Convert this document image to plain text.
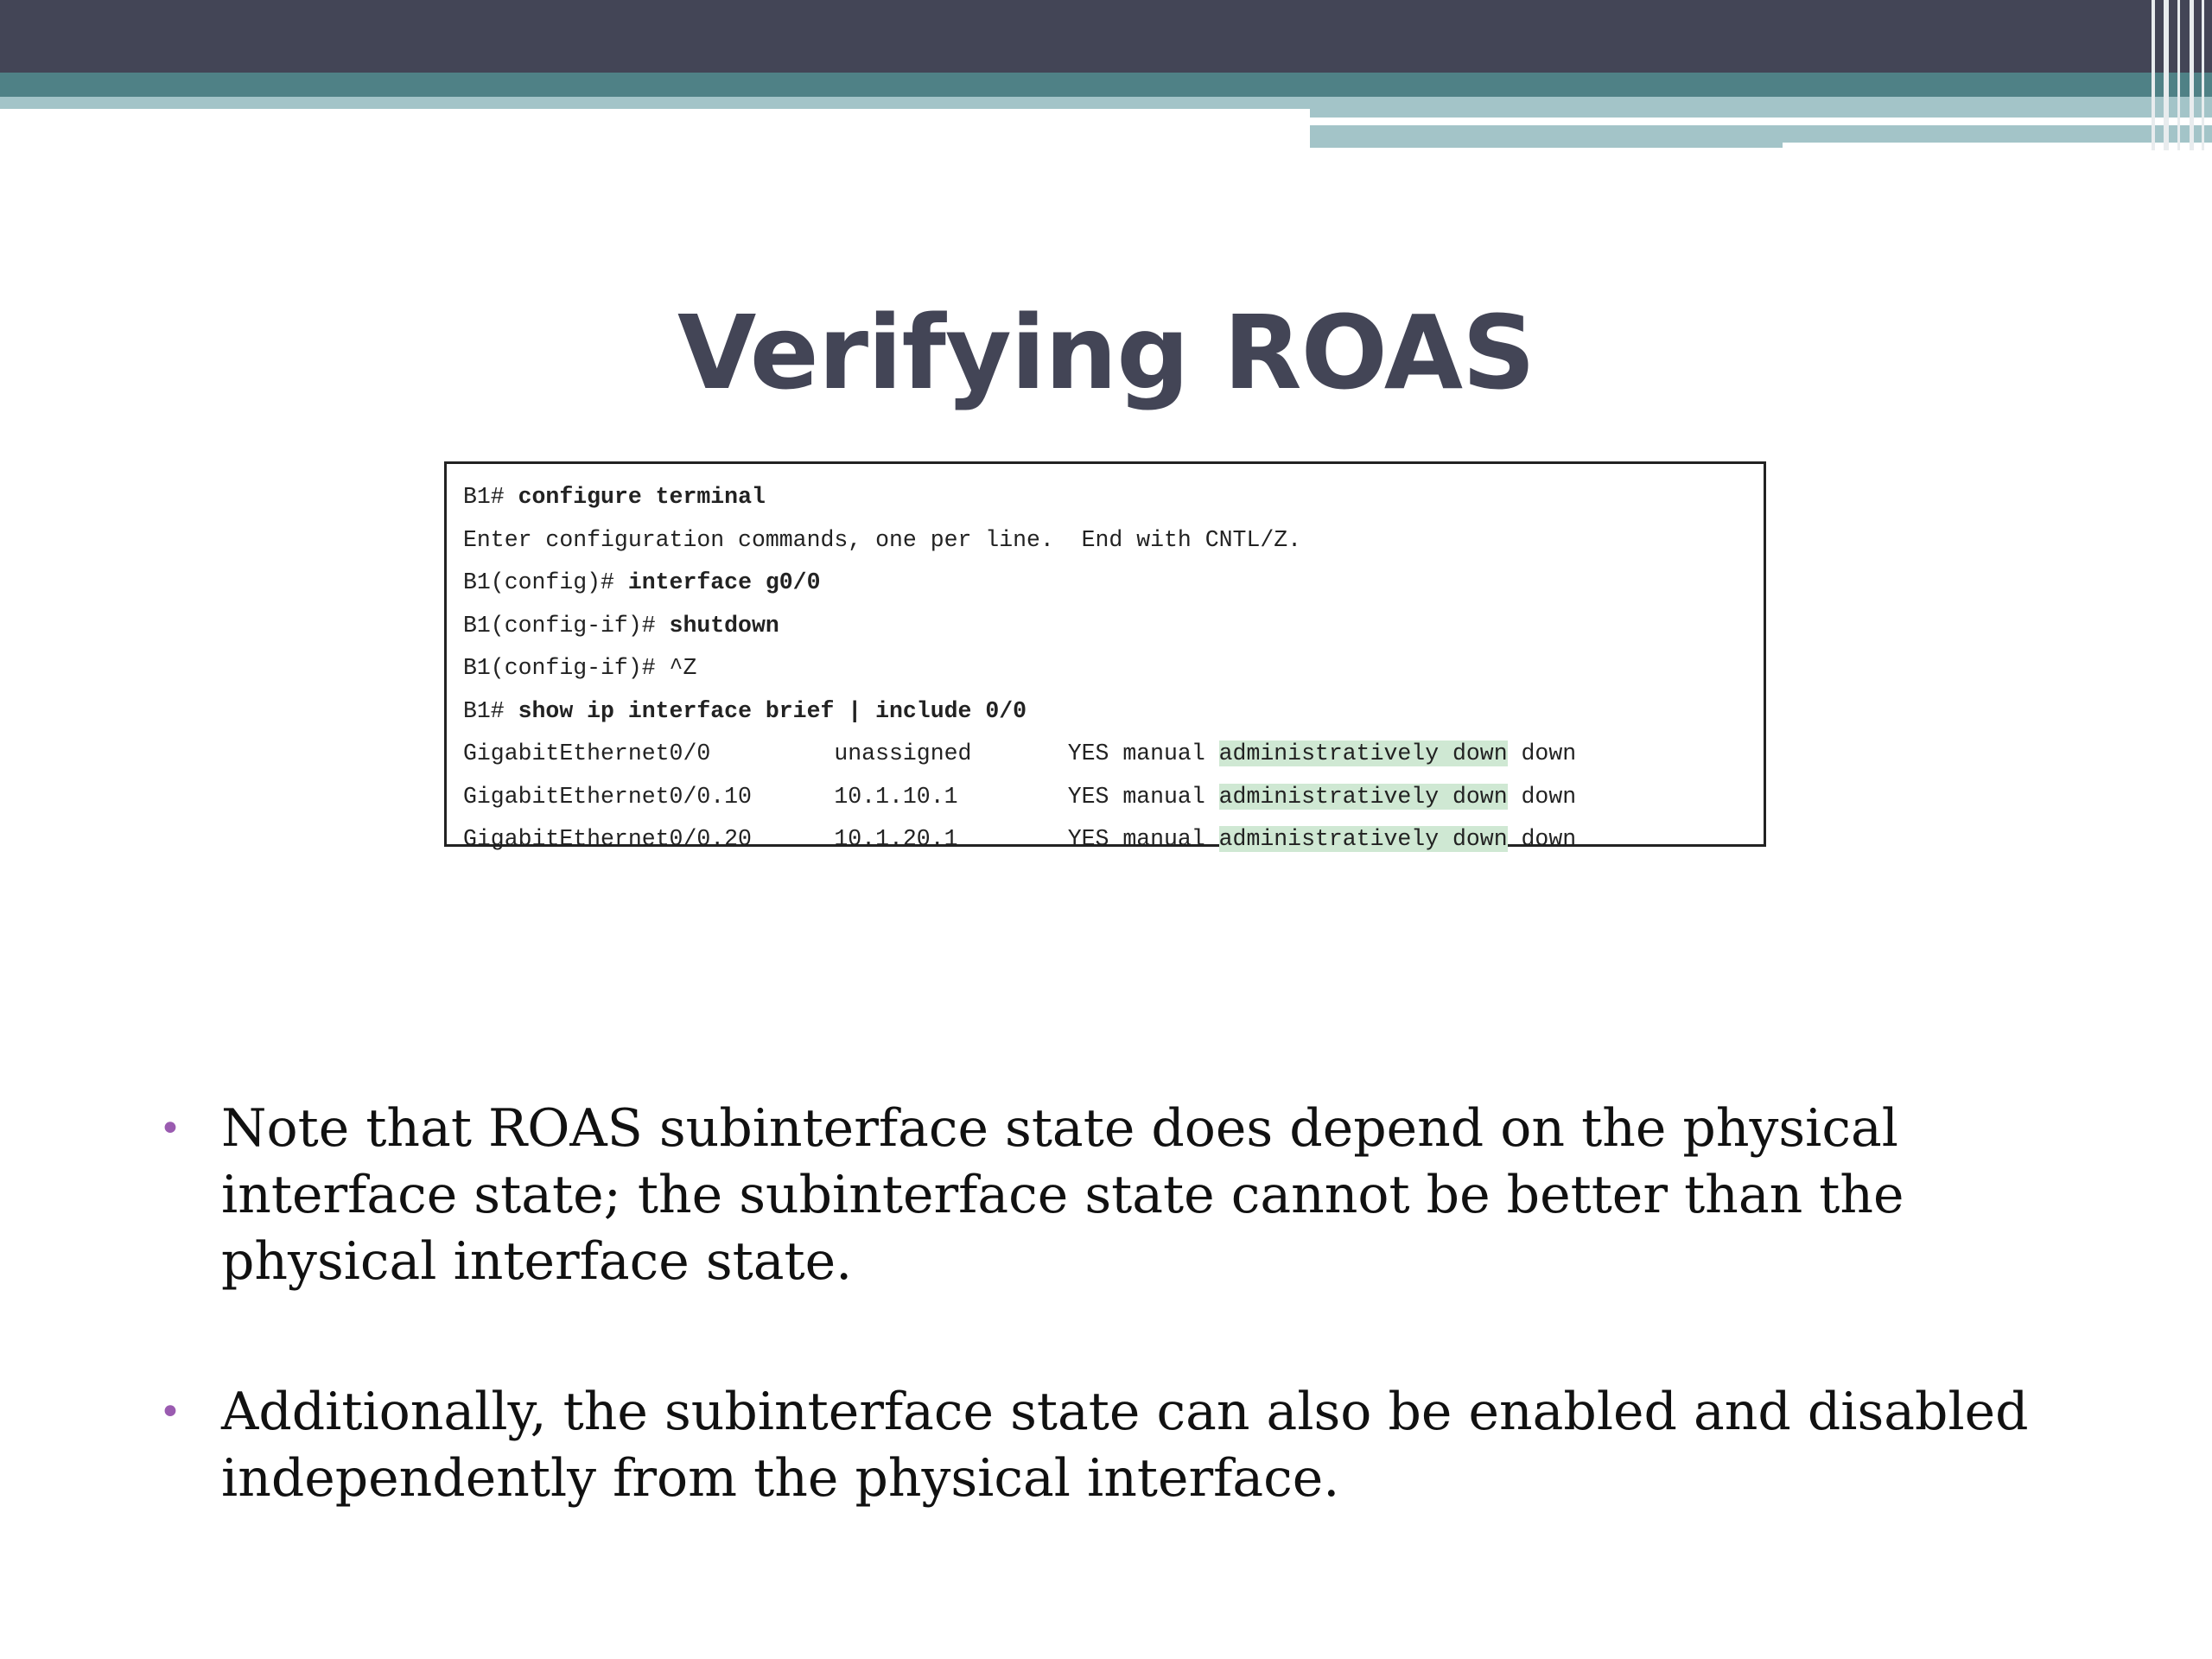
Verifying ROAS
B1# configure terminal
Enter configuration commands, one per line.  End with CNTL/Z.
B1(config)# interface g0/0
B1(config-if)# shutdown
B1(config-if)# ^Z
B1# show ip interface brief | include 0/0
GigabitEthernet0/0         unassigned       YES manual administratively down down
GigabitEthernet0/0.10      10.1.10.1        YES manual administratively down down
GigabitEthernet0/0.20      10.1.20.1        YES manual administratively down down
• Note that ROAS subinterface state does depend on the physical interface state; the subinterface state cannot be better than the physical interface state.
• Additionally, the subinterface state can also be enabled and disabled independently from the physical interface.
